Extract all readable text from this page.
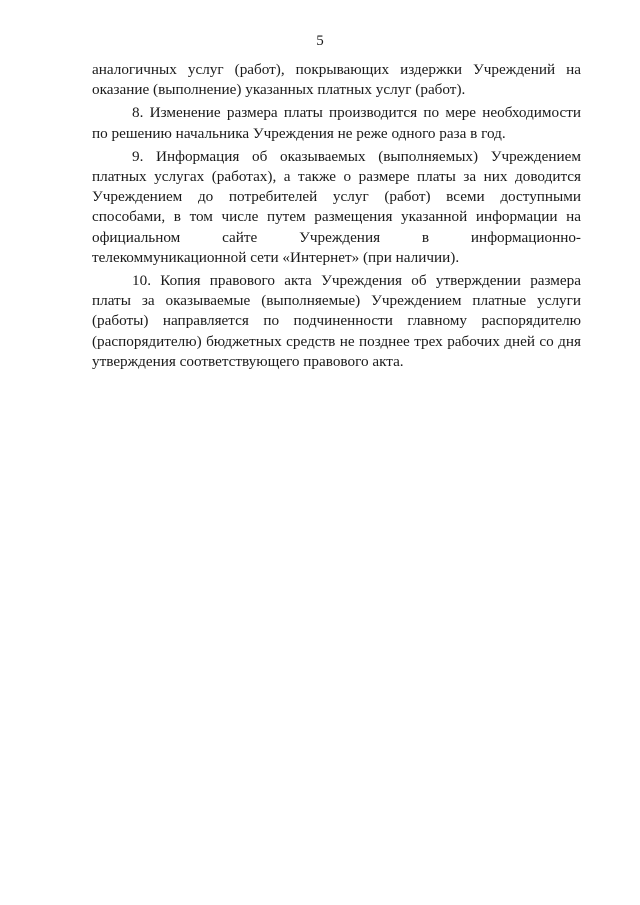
5

аналогичных услуг (работ), покрывающих издержки Учреждений на оказание (выполнение) указанных платных услуг (работ).

8. Изменение размера платы производится по мере необходимости по решению начальника Учреждения не реже одного раза в год.

9. Информация об оказываемых (выполняемых) Учреждением платных услугах (работах), а также о размере платы за них доводится Учреждением до потребителей услуг (работ) всеми доступными способами, в том числе путем размещения указанной информации на официальном сайте Учреждения в информационно-телекоммуникационной сети «Интернет» (при наличии).

10. Копия правового акта Учреждения об утверждении размера платы за оказываемые (выполняемые) Учреждением платные услуги (работы) направляется по подчиненности главному распорядителю (распорядителю) бюджетных средств не позднее трех рабочих дней со дня утверждения соответствующего правового акта.
